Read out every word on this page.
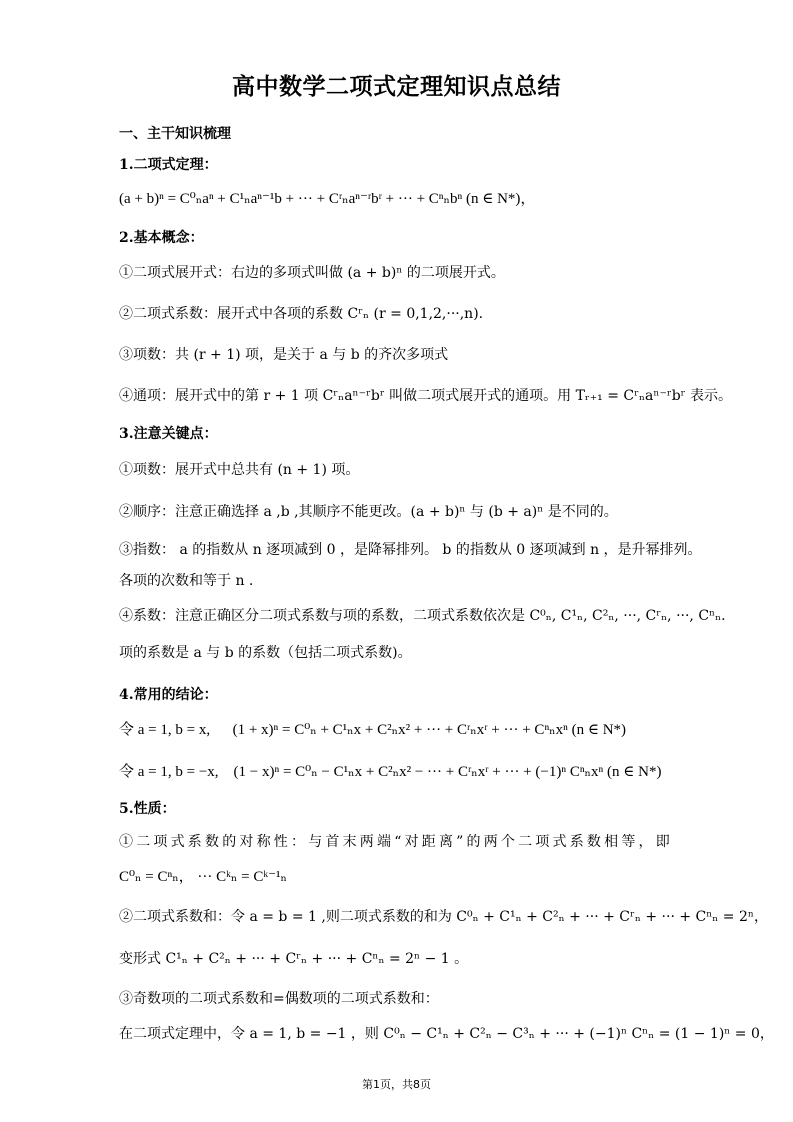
高中数学二项式定理知识点总结
一、主干知识梳理
1.二项式定理：
(a + b)ⁿ = C⁰ₙaⁿ + C¹ₙaⁿ⁻¹b + ··· + Cʳₙaⁿ⁻ʳbʳ + ··· + Cⁿₙbⁿ (n ∈ N*)，
2.基本概念：
①二项式展开式：右边的多项式叫做 (a + b)ⁿ 的二项展开式。
②二项式系数：展开式中各项的系数 Cʳₙ (r = 0,1,2,···,n).
③项数：共 (r + 1) 项，是关于 a 与 b 的齐次多项式
④通项：展开式中的第 r + 1 项 Cʳₙaⁿ⁻ʳbʳ 叫做二项式展开式的通项。用 Tᵣ₊₁ = Cʳₙaⁿ⁻ʳbʳ 表示。
3.注意关键点：
①项数：展开式中总共有 (n + 1) 项。
②顺序：注意正确选择 a ,b ,其顺序不能更改。(a + b)ⁿ 与 (b + a)ⁿ 是不同的。
③指数： a 的指数从 n 逐项减到 0 ，是降幂排列。 b 的指数从 0 逐项减到 n ，是升幂排列。
各项的次数和等于 n .
④系数：注意正确区分二项式系数与项的系数，二项式系数依次是 C⁰ₙ, C¹ₙ, C²ₙ, ···, Cʳₙ, ···, Cⁿₙ.
项的系数是 a 与 b 的系数（包括二项式系数)。
4.常用的结论：
令 a = 1, b = x,      (1 + x)ⁿ = C⁰ₙ + C¹ₙx + C²ₙx² + ··· + Cʳₙxʳ + ··· + Cⁿₙxⁿ (n ∈ N*)
令 a = 1, b = −x,    (1 − x)ⁿ = C⁰ₙ − C¹ₙx + C²ₙx² − ··· + Cʳₙxʳ + ··· + (−1)ⁿ Cⁿₙxⁿ (n ∈ N*)
5.性质：
①二项式系数的对称性：与首末两端“对距离”的两个二项式系数相等，即
C⁰ₙ = Cⁿₙ， ··· Cᵏₙ = Cᵏ⁻¹ₙ
②二项式系数和：令 a = b = 1 ,则二项式系数的和为 C⁰ₙ + C¹ₙ + C²ₙ + ··· + Cʳₙ + ··· + Cⁿₙ = 2ⁿ，
变形式 C¹ₙ + C²ₙ + ··· + Cʳₙ + ··· + Cⁿₙ = 2ⁿ − 1 。
③奇数项的二项式系数和=偶数项的二项式系数和：
在二项式定理中，令 a = 1, b = −1 ，则 C⁰ₙ − C¹ₙ + C²ₙ − C³ₙ + ··· + (−1)ⁿ Cⁿₙ = (1 − 1)ⁿ = 0，
第1页，共8页
